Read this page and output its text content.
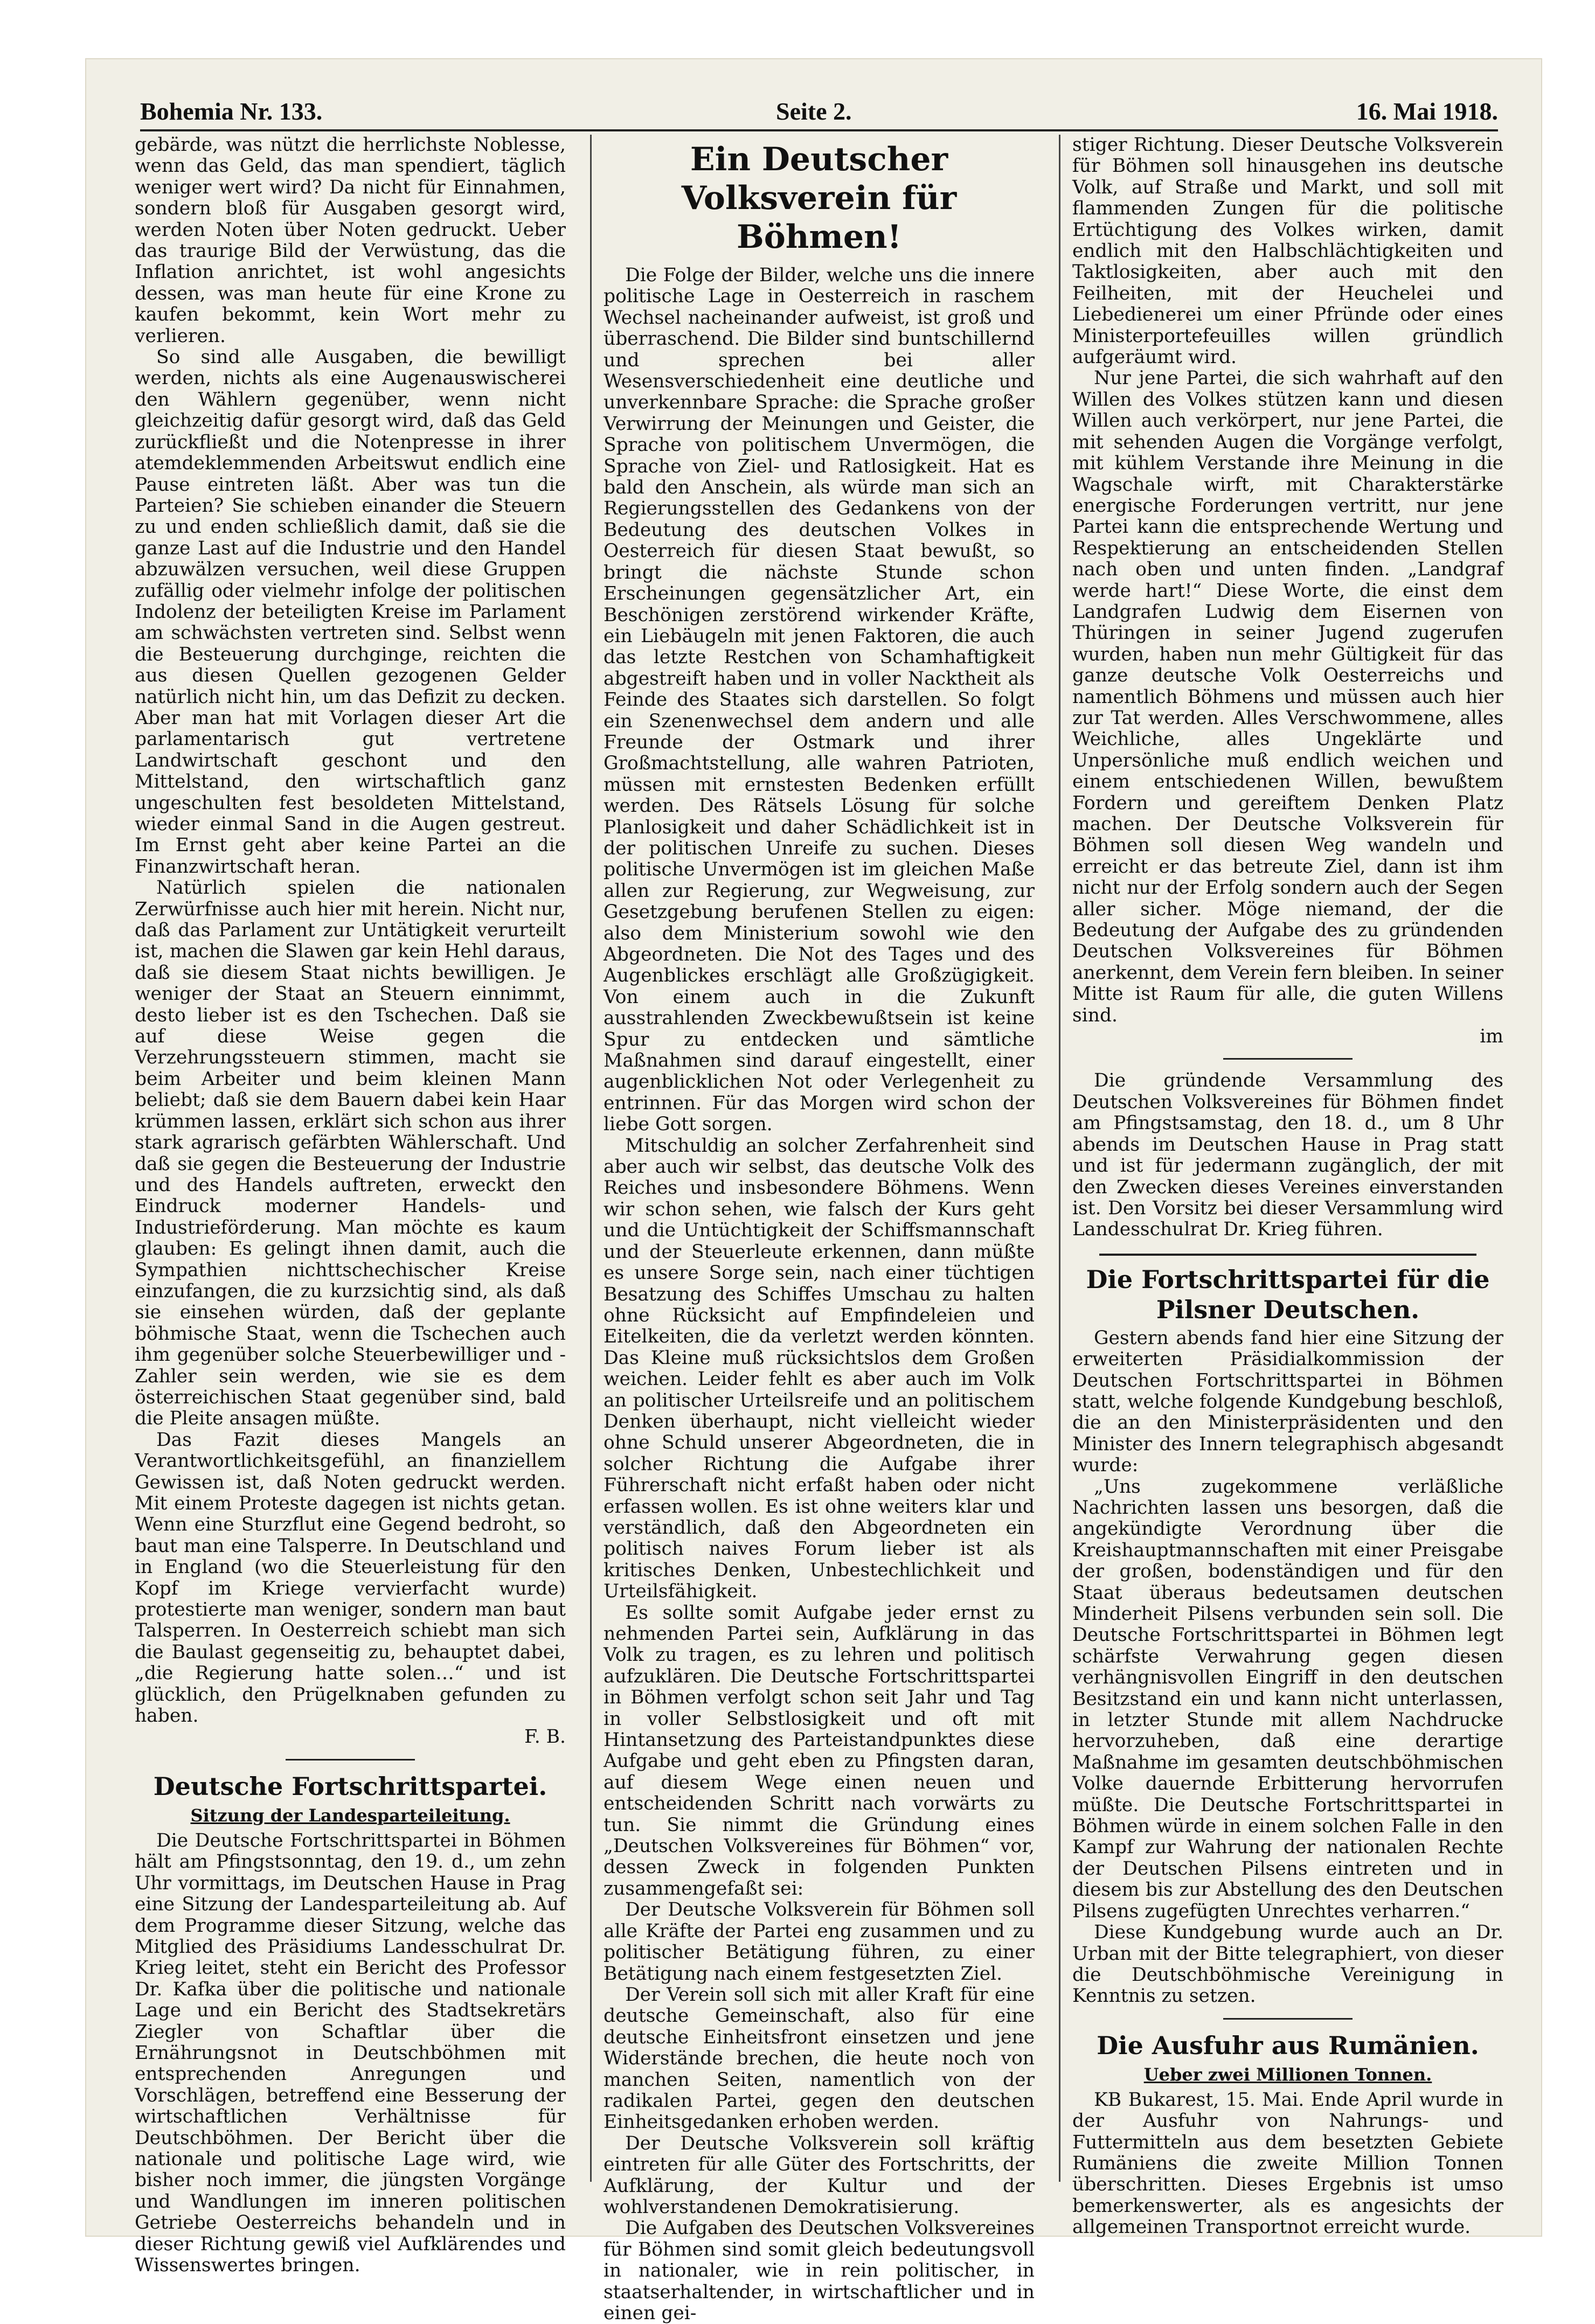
Bohemia Nr. 133.	Seite 2.	16. Mai 1918.

gebärde, was nützt die herrlichste Noblesse, wenn das Geld, das man spendiert, täglich weniger wert wird? Da nicht für Einnahmen, sondern bloß für Ausgaben gesorgt wird, werden Noten über Noten gedruckt. Ueber das traurige Bild der Verwüstung, das die Inflation anrichtet, ist wohl angesichts dessen, was man heute für eine Krone zu kaufen bekommt, kein Wort mehr zu verlieren.

So sind alle Ausgaben, die bewilligt werden, nichts als eine Augenauswischerei den Wählern gegenüber, wenn nicht gleichzeitig dafür gesorgt wird, daß das Geld zurückfließt und die Notenpresse in ihrer atemdeklemmenden Arbeitswut endlich eine Pause eintreten läßt. Aber was tun die Parteien? Sie schieben einander die Steuern zu und enden schließlich damit, daß sie die ganze Last auf die Industrie und den Handel abzuwälzen versuchen, weil diese Gruppen zufällig oder vielmehr infolge der politischen Indolenz der beteiligten Kreise im Parlament am schwächsten vertreten sind. Selbst wenn die Besteuerung durchginge, reichten die aus diesen Quellen gezogenen Gelder natürlich nicht hin, um das Defizit zu decken. Aber man hat mit Vorlagen dieser Art die parlamentarisch gut vertretene Landwirtschaft geschont und den Mittelstand, den wirtschaftlich ganz ungeschulten fest besoldeten Mittelstand, wieder einmal Sand in die Augen gestreut. Im Ernst geht aber keine Partei an die Finanzwirtschaft heran.

Natürlich spielen die nationalen Zerwürfnisse auch hier mit herein. Nicht nur, daß das Parlament zur Untätigkeit verurteilt ist, machen die Slawen gar kein Hehl daraus, daß sie diesem Staat nichts bewilligen. Je weniger der Staat an Steuern einnimmt, desto lieber ist es den Tschechen. Daß sie auf diese Weise gegen die Verzehrungssteuern stimmen, macht sie beim Arbeiter und beim kleinen Mann beliebt; daß sie dem Bauern dabei kein Haar krümmen lassen, erklärt sich schon aus ihrer stark agrarisch gefärbten Wählerschaft. Und daß sie gegen die Besteuerung der Industrie und des Handels auftreten, erweckt den Eindruck moderner Handels- und Industrieförderung. Man möchte es kaum glauben: Es gelingt ihnen damit, auch die Sympathien nichttschechischer Kreise einzufangen, die zu kurzsichtig sind, als daß sie einsehen würden, daß der geplante böhmische Staat, wenn die Tschechen auch ihm gegenüber solche Steuerbewilliger und -Zahler sein werden, wie sie es dem österreichischen Staat gegenüber sind, bald die Pleite ansagen müßte.

Das Fazit dieses Mangels an Verantwortlichkeitsgefühl, an finanziellem Gewissen ist, daß Noten gedruckt werden. Mit einem Proteste dagegen ist nichts getan. Wenn eine Sturzflut eine Gegend bedroht, so baut man eine Talsperre. In Deutschland und in England (wo die Steuerleistung für den Kopf im Kriege vervierfacht wurde) protestierte man weniger, sondern man baut Talsperren. In Oesterreich schiebt man sich die Baulast gegenseitig zu, behauptet dabei, „die Regierung hatte solen…“ und ist glücklich, den Prügelknaben gefunden zu haben.

F. B.

Deutsche Fortschrittspartei.
Sitzung der Landesparteileitung.

Die Deutsche Fortschrittspartei in Böhmen hält am Pfingstsonntag, den 19. d., um zehn Uhr vormittags, im Deutschen Hause in Prag eine Sitzung der Landesparteileitung ab. Auf dem Programme dieser Sitzung, welche das Mitglied des Präsidiums Landesschulrat Dr. Krieg leitet, steht ein Bericht des Professor Dr. Kafka über die politische und nationale Lage und ein Bericht des Stadtsekretärs Ziegler von Schaftlar über die Ernährungsnot in Deutschböhmen mit entsprechenden Anregungen und Vorschlägen, betreffend eine Besserung der wirtschaftlichen Verhältnisse für Deutschböhmen. Der Bericht über die nationale und politische Lage wird, wie bisher noch immer, die jüngsten Vorgänge und Wandlungen im inneren politischen Getriebe Oesterreichs behandeln und in dieser Richtung gewiß viel Aufklärendes und Wissenswertes bringen.

Ein Deutscher Volksverein für Böhmen!

Die Folge der Bilder, welche uns die innere politische Lage in Oesterreich in raschem Wechsel nacheinander aufweist, ist groß und überraschend. Die Bilder sind buntschillernd und sprechen bei aller Wesensverschiedenheit eine deutliche und unverkennbare Sprache: die Sprache großer Verwirrung der Meinungen und Geister, die Sprache von politischem Unvermögen, die Sprache von Ziel- und Ratlosigkeit. Hat es bald den Anschein, als würde man sich an Regierungsstellen des Gedankens von der Bedeutung des deutschen Volkes in Oesterreich für diesen Staat bewußt, so bringt die nächste Stunde schon Erscheinungen gegensätzlicher Art, ein Beschönigen zerstörend wirkender Kräfte, ein Liebäugeln mit jenen Faktoren, die auch das letzte Restchen von Schamhaftigkeit abgestreift haben und in voller Nacktheit als Feinde des Staates sich darstellen. So folgt ein Szenenwechsel dem andern und alle Freunde der Ostmark und ihrer Großmachtstellung, alle wahren Patrioten, müssen mit ernstesten Bedenken erfüllt werden. Des Rätsels Lösung für solche Planlosigkeit und daher Schädlichkeit ist in der politischen Unreife zu suchen. Dieses politische Unvermögen ist im gleichen Maße allen zur Regierung, zur Wegweisung, zur Gesetzgebung berufenen Stellen zu eigen: also dem Ministerium sowohl wie den Abgeordneten. Die Not des Tages und des Augenblickes erschlägt alle Großzügigkeit. Von einem auch in die Zukunft ausstrahlenden Zweckbewußtsein ist keine Spur zu entdecken und sämtliche Maßnahmen sind darauf eingestellt, einer augenblicklichen Not oder Verlegenheit zu entrinnen. Für das Morgen wird schon der liebe Gott sorgen.

Mitschuldig an solcher Zerfahrenheit sind aber auch wir selbst, das deutsche Volk des Reiches und insbesondere Böhmens. Wenn wir schon sehen, wie falsch der Kurs geht und die Untüchtigkeit der Schiffsmannschaft und der Steuerleute erkennen, dann müßte es unsere Sorge sein, nach einer tüchtigen Besatzung des Schiffes Umschau zu halten ohne Rücksicht auf Empfindeleien und Eitelkeiten, die da verletzt werden könnten. Das Kleine muß rücksichtslos dem Großen weichen. Leider fehlt es aber auch im Volk an politischer Urteilsreife und an politischem Denken überhaupt, nicht vielleicht wieder ohne Schuld unserer Abgeordneten, die in solcher Richtung die Aufgabe ihrer Führerschaft nicht erfaßt haben oder nicht erfassen wollen. Es ist ohne weiters klar und verständlich, daß den Abgeordneten ein politisch naives Forum lieber ist als kritisches Denken, Unbestechlichkeit und Urteilsfähigkeit.

Es sollte somit Aufgabe jeder ernst zu nehmenden Partei sein, Aufklärung in das Volk zu tragen, es zu lehren und politisch aufzuklären. Die Deutsche Fortschrittspartei in Böhmen verfolgt schon seit Jahr und Tag in voller Selbstlosigkeit und oft mit Hintansetzung des Parteistandpunktes diese Aufgabe und geht eben zu Pfingsten daran, auf diesem Wege einen neuen und entscheidenden Schritt nach vorwärts zu tun. Sie nimmt die Gründung eines „Deutschen Volksvereines für Böhmen“ vor, dessen Zweck in folgenden Punkten zusammengefaßt sei:

Der Deutsche Volksverein für Böhmen soll alle Kräfte der Partei eng zusammen und zu politischer Betätigung führen, zu einer Betätigung nach einem festgesetzten Ziel.

Der Verein soll sich mit aller Kraft für eine deutsche Gemeinschaft, also für eine deutsche Einheitsfront einsetzen und jene Widerstände brechen, die heute noch von manchen Seiten, namentlich von der radikalen Partei, gegen den deutschen Einheitsgedanken erhoben werden.

Der Deutsche Volksverein soll kräftig eintreten für alle Güter des Fortschritts, der Aufklärung, der Kultur und der wohlverstandenen Demokratisierung.

Die Aufgaben des Deutschen Volksvereines für Böhmen sind somit gleich bedeutungsvoll in nationaler, wie in rein politischer, in staatserhaltender, in wirtschaftlicher und in einen gei-

stiger Richtung. Dieser Deutsche Volksverein für Böhmen soll hinausgehen ins deutsche Volk, auf Straße und Markt, und soll mit flammenden Zungen für die politische Ertüchtigung des Volkes wirken, damit endlich mit den Halbschlächtigkeiten und Taktlosigkeiten, aber auch mit den Feilheiten, mit der Heuchelei und Liebedienerei um einer Pfründe oder eines Ministerportefeuilles willen gründlich aufgeräumt wird.

Nur jene Partei, die sich wahrhaft auf den Willen des Volkes stützen kann und diesen Willen auch verkörpert, nur jene Partei, die mit sehenden Augen die Vorgänge verfolgt, mit kühlem Verstande ihre Meinung in die Wagschale wirft, mit Charakterstärke energische Forderungen vertritt, nur jene Partei kann die entsprechende Wertung und Respektierung an entscheidenden Stellen nach oben und unten finden. „Landgraf werde hart!“ Diese Worte, die einst dem Landgrafen Ludwig dem Eisernen von Thüringen in seiner Jugend zugerufen wurden, haben nun mehr Gültigkeit für das ganze deutsche Volk Oesterreichs und namentlich Böhmens und müssen auch hier zur Tat werden. Alles Verschwommene, alles Weichliche, alles Ungeklärte und Unpersönliche muß endlich weichen und einem entschiedenen Willen, bewußtem Fordern und gereiftem Denken Platz machen. Der Deutsche Volksverein für Böhmen soll diesen Weg wandeln und erreicht er das betreute Ziel, dann ist ihm nicht nur der Erfolg sondern auch der Segen aller sicher. Möge niemand, der die Bedeutung der Aufgabe des zu gründenden Deutschen Volksvereines für Böhmen anerkennt, dem Verein fern bleiben. In seiner Mitte ist Raum für alle, die guten Willens sind.

im

Die gründende Versammlung des Deutschen Volksvereines für Böhmen findet am Pfingstsamstag, den 18. d., um 8 Uhr abends im Deutschen Hause in Prag statt und ist für jedermann zugänglich, der mit den Zwecken dieses Vereines einverstanden ist. Den Vorsitz bei dieser Versammlung wird Landesschulrat Dr. Krieg führen.

Die Fortschrittspartei für die Pilsner Deutschen.

Gestern abends fand hier eine Sitzung der erweiterten Präsidialkommission der Deutschen Fortschrittspartei in Böhmen statt, welche folgende Kundgebung beschloß, die an den Ministerpräsidenten und den Minister des Innern telegraphisch abgesandt wurde:

„Uns zugekommene verläßliche Nachrichten lassen uns besorgen, daß die angekündigte Verordnung über die Kreishauptmannschaften mit einer Preisgabe der großen, bodenständigen und für den Staat überaus bedeutsamen deutschen Minderheit Pilsens verbunden sein soll. Die Deutsche Fortschrittspartei in Böhmen legt schärfste Verwahrung gegen diesen verhängnisvollen Eingriff in den deutschen Besitzstand ein und kann nicht unterlassen, in letzter Stunde mit allem Nachdrucke hervorzuheben, daß eine derartige Maßnahme im gesamten deutschböhmischen Volke dauernde Erbitterung hervorrufen müßte. Die Deutsche Fortschrittspartei in Böhmen würde in einem solchen Falle in den Kampf zur Wahrung der nationalen Rechte der Deutschen Pilsens eintreten und in diesem bis zur Abstellung des den Deutschen Pilsens zugefügten Unrechtes verharren.“

Diese Kundgebung wurde auch an Dr. Urban mit der Bitte telegraphiert, von dieser die Deutschböhmische Vereinigung in Kenntnis zu setzen.

Die Ausfuhr aus Rumänien.
Ueber zwei Millionen Tonnen.

KB Bukarest, 15. Mai. Ende April wurde in der Ausfuhr von Nahrungs- und Futtermitteln aus dem besetzten Gebiete Rumäniens die zweite Million Tonnen überschritten. Dieses Ergebnis ist umso bemerkenswerter, als es angesichts der allgemeinen Transportnot erreicht wurde.
